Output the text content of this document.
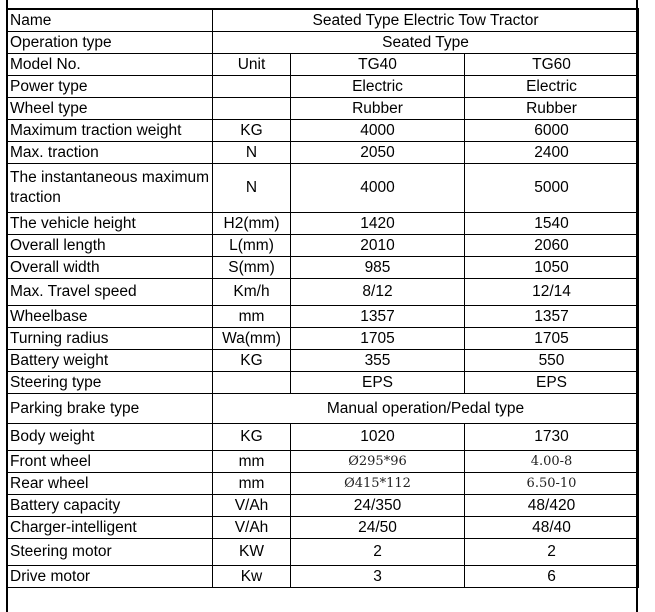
Name	Seated Type Electric Tow Tractor		
Operation type	Seated Type		
Model No.	Unit	TG40	TG60
Power type		Electric	Electric
Wheel type		Rubber	Rubber
Maximum traction weight	KG	4000	6000
Max. traction	N	2050	2400
The instantaneous maximum traction	N	4000	5000
The vehicle height	H2(mm)	1420	1540
Overall length	L(mm)	2010	2060
Overall width	S(mm)	985	1050
Max. Travel speed	Km/h	8/12	12/14
Wheelbase	mm	1357	1357
Turning radius	Wa(mm)	1705	1705
Battery weight	KG	355	550
Steering type		EPS	EPS
Parking brake type	Manual operation/Pedal type		
Body weight	KG	1020	1730
Front wheel	mm	Ø295*96	4.00-8
Rear wheel	mm	Ø415*112	6.50-10
Battery capacity	V/Ah	24/350	48/420
Charger-intelligent	V/Ah	24/50	48/40
Steering motor	KW	2	2
Drive motor	Kw	3	6
